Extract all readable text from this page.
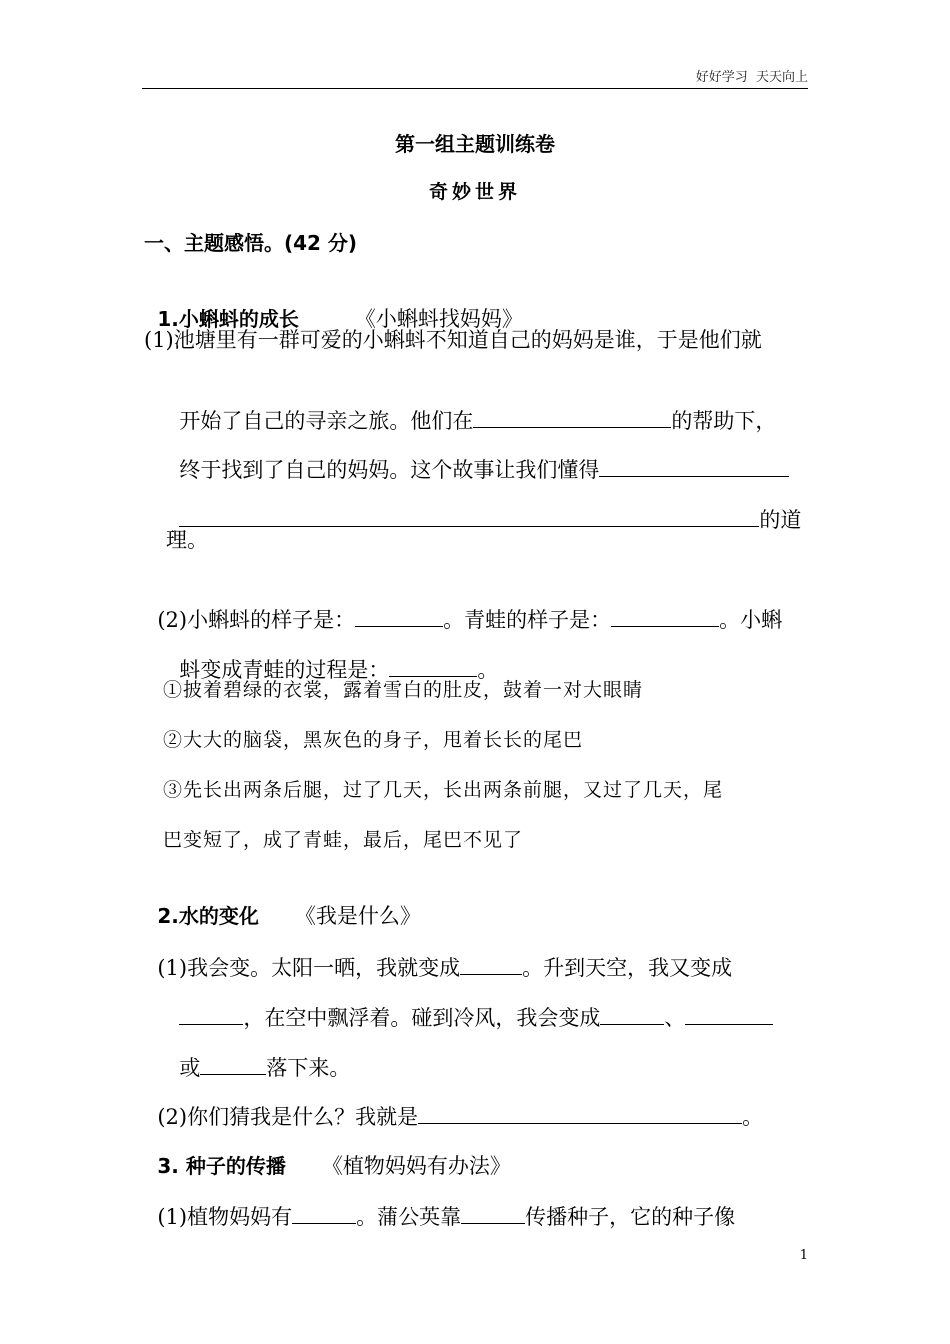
好好学习  天天向上
第一组主题训练卷
奇妙世界
一、主题感悟。(42 分)

1.小蝌蚪的成长	《小蝌蚪找妈妈》

(1)池塘里有一群可爱的小蝌蚪不知道自己的妈妈是谁，于是他们就

开始了自己的寻亲之旅。他们在	的帮助下，

终于找到了自己的妈妈。这个故事让我们懂得

的道

理。

(2)小蝌蚪的样子是：	。青蛙的样子是：	。小蝌

蚪变成青蛙的过程是：	。

①披着碧绿的衣裳，露着雪白的肚皮，鼓着一对大眼睛
②大大的脑袋，黑灰色的身子，甩着长长的尾巴
③先长出两条后腿，过了几天，长出两条前腿，又过了几天，尾
巴变短了，成了青蛙，最后，尾巴不见了

2.水的变化 《我是什么》

(1)我会变。太阳一晒，我就变成	。升到天空，我又变成

，在空中飘浮着。碰到冷风，我会变成	、

或	落下来。

(2)你们猜我是什么？我就是	。

3. 种子的传播 《植物妈妈有办法》

(1)植物妈妈有	。蒲公英靠	传播种子，它的种子像

1
